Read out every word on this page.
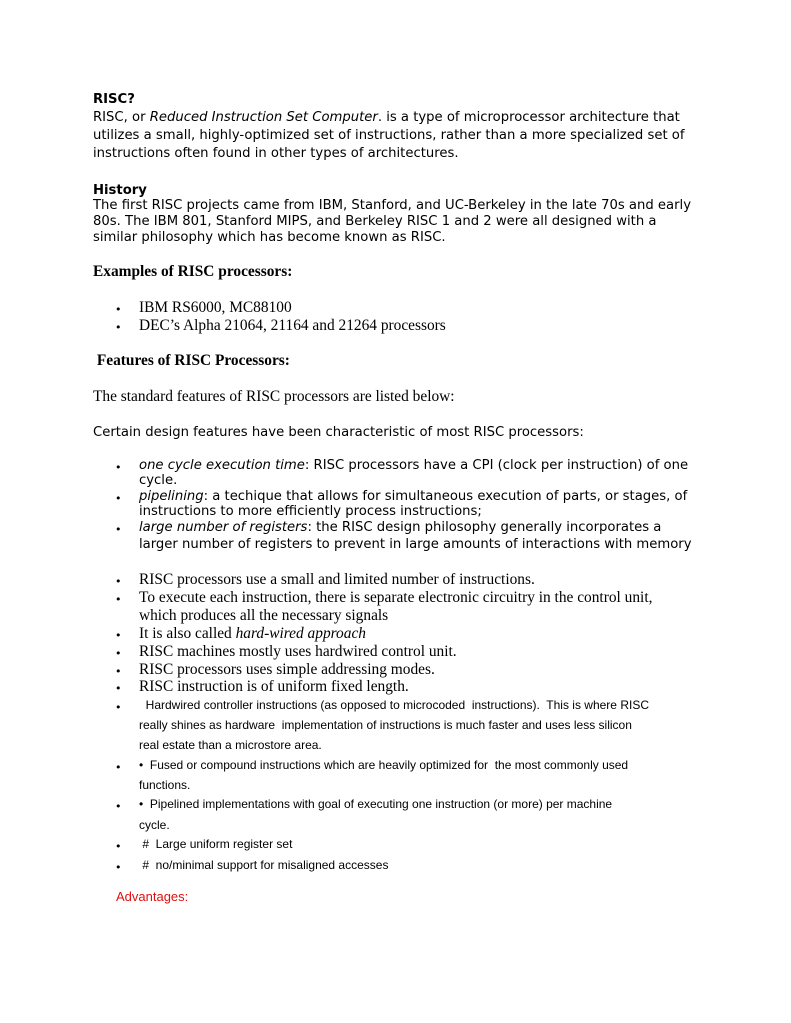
RISC?
RISC, or Reduced Instruction Set Computer. is a type of microprocessor architecture that
utilizes a small, highly-optimized set of instructions, rather than a more specialized set of
instructions often found in other types of architectures.
History
The first RISC projects came from IBM, Stanford, and UC-Berkeley in the late 70s and early
80s. The IBM 801, Stanford MIPS, and Berkeley RISC 1 and 2 were all designed with a
similar philosophy which has become known as RISC.
Examples of RISC processors:
• IBM RS6000, MC88100
• DEC’s Alpha 21064, 21164 and 21264 processors
Features of RISC Processors:
The standard features of RISC processors are listed below:
Certain design features have been characteristic of most RISC processors:
• one cycle execution time: RISC processors have a CPI (clock per instruction) of one
cycle.
• pipelining: a techique that allows for simultaneous execution of parts, or stages, of
instructions to more efficiently process instructions;
• large number of registers: the RISC design philosophy generally incorporates a
larger number of registers to prevent in large amounts of interactions with memory
• RISC processors use a small and limited number of instructions.
• To execute each instruction, there is separate electronic circuitry in the control unit,
which produces all the necessary signals
• It is also called hard-wired approach
• RISC machines mostly uses hardwired control unit.
• RISC processors uses simple addressing modes.
• RISC instruction is of uniform fixed length.
• Hardwired controller instructions (as opposed to microcoded  instructions).  This is where RISC
really shines as hardware  implementation of instructions is much faster and uses less silicon
real estate than a microstore area.
• •  Fused or compound instructions which are heavily optimized for  the most commonly used
functions.
• •  Pipelined implementations with goal of executing one instruction (or more) per machine
cycle.
• #  Large uniform register set
• #  no/minimal support for misaligned accesses
Advantages:
